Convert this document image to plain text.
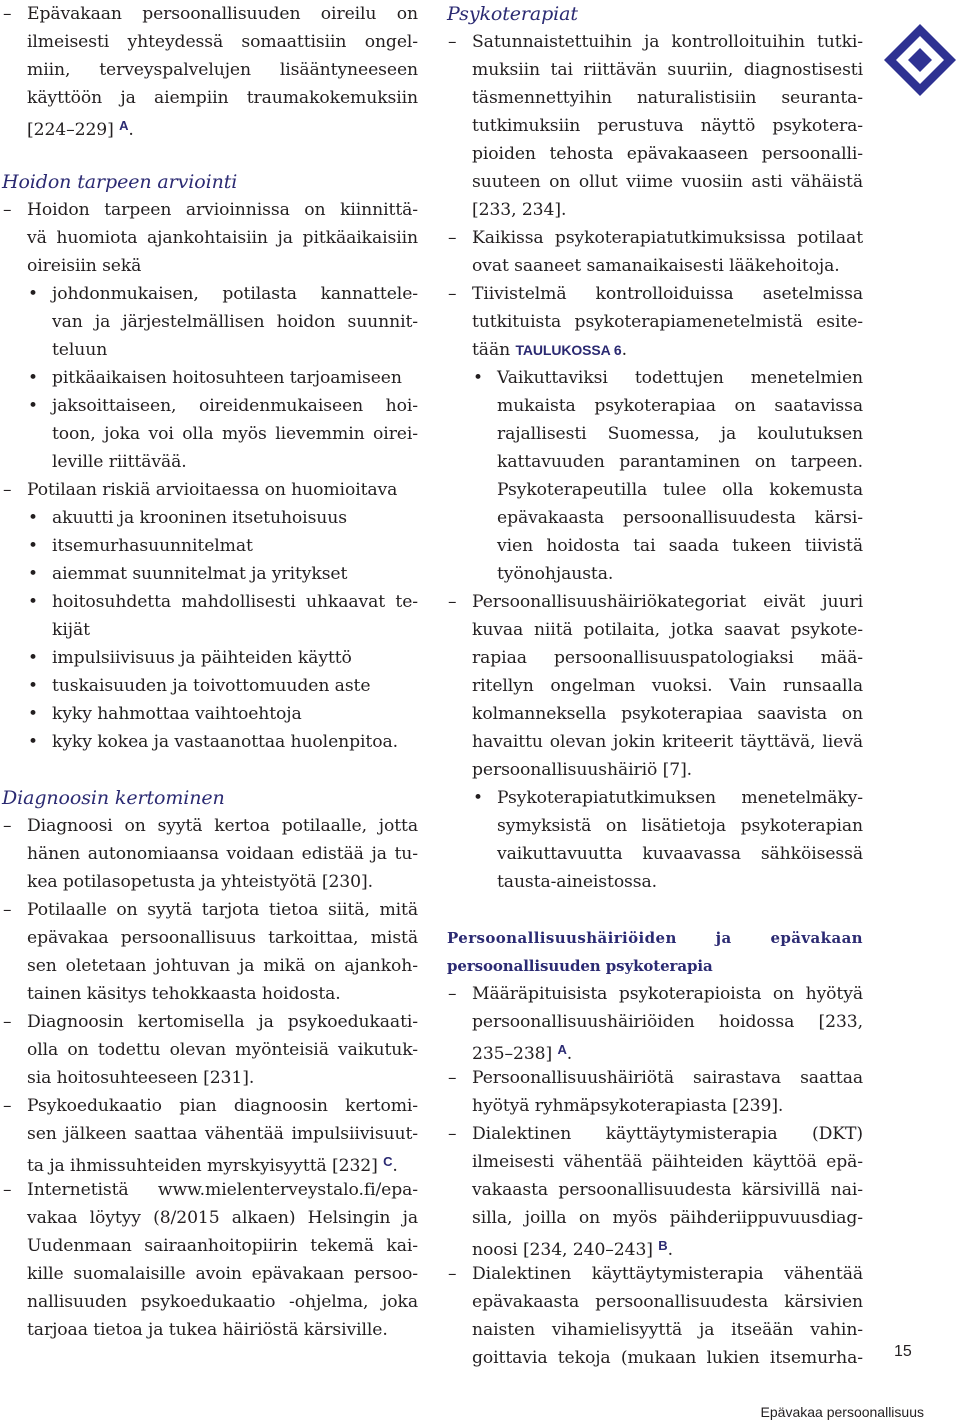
– Epävakaan persoonallisuuden oireilu on
ilmeisesti yhteydessä somaattisiin ongel-
miin, terveyspalvelujen lisääntyneeseen
käyttöön ja aiempiin traumakokemuksiin
[224–229] $^A$.
Hoidon tarpeen arviointi
– Hoidon tarpeen arvioinnissa on kiinnittä-
vä huomiota ajankohtaisiin ja pitkäaikaisiin
oireisiin sekä
• johdonmukaisen, potilasta kannattele-
van ja järjestelmällisen hoidon suunnit-
teluun
• pitkäaikaisen hoitosuhteen tarjoamiseen
• jaksoittaiseen, oireidenmukaiseen hoi-
toon, joka voi olla myös lievemmin oirei-
leville riittävää.
– Potilaan riskiä arvioitaessa on huomioitava
• akuutti ja krooninen itsetuhoisuus
• itsemurhasuunnitelmat
• aiemmat suunnitelmat ja yritykset
• hoitosuhdetta mahdollisesti uhkaavat te-
kijät
• impulsiivisuus ja päihteiden käyttö
• tuskaisuuden ja toivottomuuden aste
• kyky hahmottaa vaihtoehtoja
• kyky kokea ja vastaanottaa huolenpitoa.
Diagnoosin kertominen
– Diagnoosi on syytä kertoa potilaalle, jotta
hänen autonomiaansa voidaan edistää ja tu-
kea potilasopetusta ja yhteistyötä [230].
– Potilaalle on syytä tarjota tietoa siitä, mitä
epävakaa persoonallisuus tarkoittaa, mistä
sen oletetaan johtuvan ja mikä on ajankoh-
tainen käsitys tehokkaasta hoidosta.
– Diagnoosin kertomisella ja psykoedukaati-
olla on todettu olevan myönteisiä vaikutuk-
sia hoitosuhteeseen [231].
– Psykoedukaatio pian diagnoosin kertomi-
sen jälkeen saattaa vähentää impulsiivisuut-
ta ja ihmissuhteiden myrskyisyyttä [232] $^C$.
– Internetistä www.mielenterveystalo.fi/epa-
vakaa löytyy (8/2015 alkaen) Helsingin ja
Uudenmaan sairaanhoitopiirin tekemä kai-
kille suomalaisille avoin epävakaan persoo-
nallisuuden psykoedukaatio -ohjelma, joka
tarjoaa tietoa ja tukea häiriöstä kärsiville.
Psykoterapiat
– Satunnaistettuihin ja kontrolloituihin tutki-
muksiin tai riittävän suuriin, diagnostisesti
täsmennettyihin naturalistisiin seuranta-
tutkimuksiin perustuva näyttö psykotera-
pioiden tehosta epävakaaseen persoonalli-
suuteen on ollut viime vuosiin asti vähäistä
[233, 234].
– Kaikissa psykoterapiatutkimuksissa potilaat
ovat saaneet samanaikaisesti lääkehoitoja.
– Tiivistelmä kontrolloiduissa asetelmissa
tutkituista psykoterapiamenetelmistä esite-
tään TAULUKOSSA 6.
• Vaikuttaviksi todettujen menetelmien
mukaista psykoterapiaa on saatavissa
rajallisesti Suomessa, ja koulutuksen
kattavuuden parantaminen on tarpeen.
Psykoterapeutilla tulee olla kokemusta
epävakaasta persoonallisuudesta kärsi-
vien hoidosta tai saada tukeen tiivistä
työnohjausta.
– Persoonallisuushäiriökategoriat eivät juuri
kuvaa niitä potilaita, jotka saavat psykote-
rapiaa persoonallisuuspatologiaksi mää-
ritellyn ongelman vuoksi. Vain runsaalla
kolmanneksella psykoterapiaa saavista on
havaittu olevan jokin kriteerit täyttävä, lievä
persoonallisuushäiriö [7].
• Psykoterapiatutkimuksen menetelmäky-
symyksistä on lisätietoja psykoterapian
vaikuttavuutta kuvaavassa sähköisessä
tausta-aineistossa.
Persoonallisuushäiriöiden ja epävakaan
persoonallisuuden psykoterapia
– Määräpituisista psykoterapioista on hyötyä
persoonallisuushäiriöiden hoidossa [233,
235–238] $^A$.
– Persoonallisuushäiriötä sairastava saattaa
hyötyä ryhmäpsykoterapiasta [239].
– Dialektinen käyttäytymisterapia (DKT)
ilmeisesti vähentää päihteiden käyttöä epä-
vakaasta persoonallisuudesta kärsivillä nai-
silla, joilla on myös päihderiippuvuusdiag-
noosi [234, 240–243] $^B$.
– Dialektinen käyttäytymisterapia vähentää
epävakaasta persoonallisuudesta kärsivien
naisten vihamielisyyttä ja itseään vahin-
goittavia tekoja (mukaan lukien itsemurha- 15
Epävakaa persoonallisuus
